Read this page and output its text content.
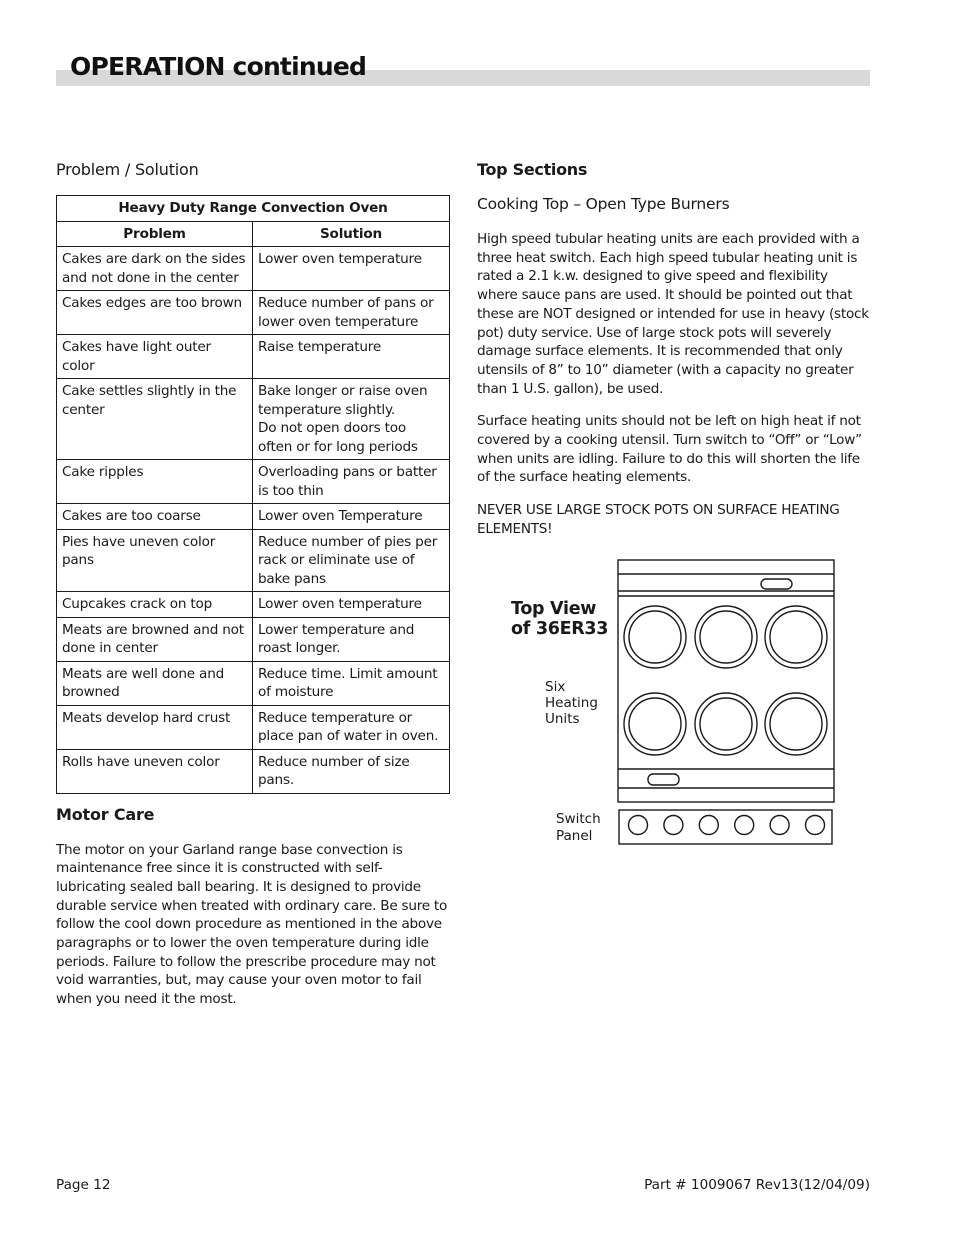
OPERATION continued
Problem / Solution
Heavy Duty Range Convection Oven	
Problem	Solution
Cakes are dark on the sides and not done in the center	Lower oven temperature
Cakes edges are too brown	Reduce number of pans or lower oven temperature
Cakes have light outer color	Raise temperature
Cake settles slightly in the center	Bake longer or raise oven temperature slightly.
Do not open doors too often or for long periods
Cake ripples	Overloading pans or batter is too thin
Cakes are too coarse	Lower oven Temperature
Pies have uneven color pans	Reduce number of pies per rack or eliminate use of bake pans
Cupcakes crack on top	Lower oven temperature
Meats are browned and not done in center	Lower temperature and roast longer.
Meats are well done and browned	Reduce time. Limit amount of moisture
Meats develop hard crust	Reduce temperature or place pan of water in oven.
Rolls have uneven color	Reduce number of size pans.
Motor Care

The motor on your Garland range base convection is maintenance free since it is constructed with self-lubricating sealed ball bearing. It is designed to provide durable service when treated with ordinary care. Be sure to follow the cool down procedure as mentioned in the above paragraphs or to lower the oven temperature during idle periods. Failure to follow the prescribe procedure may not void warranties, but, may cause your oven motor to fail when you need it the most.

Top Sections
Cooking Top – Open Type Burners

High speed tubular heating units are each provided with a three heat switch. Each high speed tubular heating unit is rated a 2.1 k.w. designed to give speed and flexibility where sauce pans are used. It should be pointed out that these are NOT designed or intended for use in heavy (stock pot) duty service. Use of large stock pots will severely damage surface elements. It is recommended that only utensils of 8” to 10” diameter (with a capacity no greater than 1 U.S. gallon), be used.

Surface heating units should not be left on high heat if not covered by a cooking utensil. Turn switch to “Off” or “Low” when units are idling. Failure to do this will shorten the life of the surface heating elements.

NEVER USE LARGE STOCK POTS ON SURFACE HEATING ELEMENTS!

Top View
of 36ER33
Six
Heating
Units
Switch
Panel
Page 12	Part # 1009067 Rev13(12/04/09)
